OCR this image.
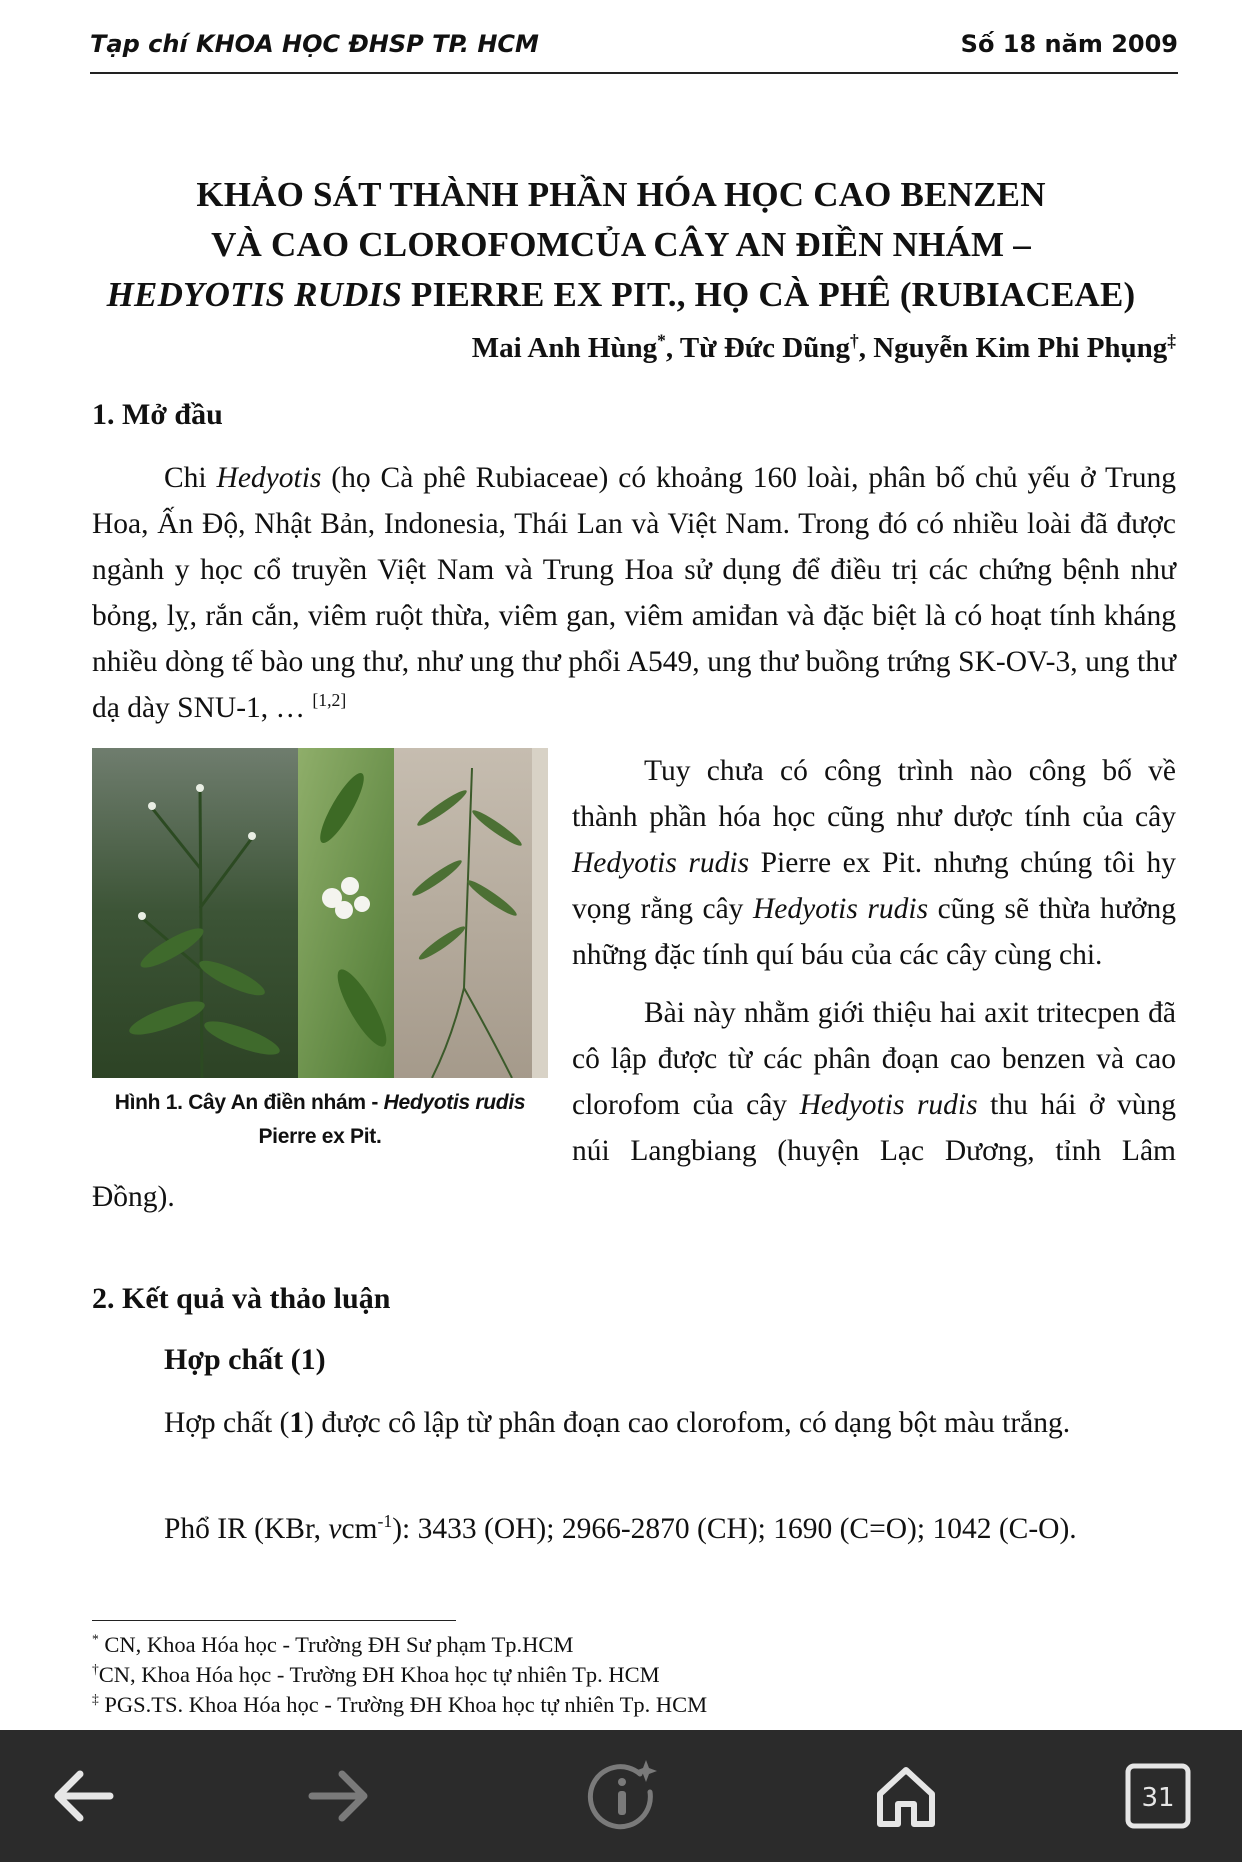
Tạp chí KHOA HỌC ĐHSP TP. HCM	Số 18 năm 2009
KHẢO SÁT THÀNH PHẦN HÓA HỌC CAO BENZEN
VÀ CAO CLOROFOMCỦA CÂY AN ĐIỀN NHÁM –
HEDYOTIS RUDIS PIERRE EX PIT., HỌ CÀ PHÊ (RUBIACEAE)
Mai Anh Hùng*, Từ Đức Dũng†, Nguyễn Kim Phi Phụng‡
1. Mở đầu

Chi Hedyotis (họ Cà phê Rubiaceae) có khoảng 160 loài, phân bố chủ yếu ở Trung Hoa, Ấn Độ, Nhật Bản, Indonesia, Thái Lan và Việt Nam. Trong đó có nhiều loài đã được ngành y học cổ truyền Việt Nam và Trung Hoa sử dụng để điều trị các chứng bệnh như bỏng, lỵ, rắn cắn, viêm ruột thừa, viêm gan, viêm amiđan và đặc biệt là có hoạt tính kháng nhiều dòng tế bào ung thư, như ung thư phổi A549, ung thư buồng trứng SK-OV-3, ung thư dạ dày SNU-1, … [1,2]

Hình 1. Cây An điền nhám - Hedyotis rudis
Pierre ex Pit.

Tuy chưa có công trình nào công bố về thành phần hóa học cũng như dược tính của cây Hedyotis rudis Pierre ex Pit. nhưng chúng tôi hy vọng rằng cây Hedyotis rudis cũng sẽ thừa hưởng những đặc tính quí báu của các cây cùng chi.

Bài này nhằm giới thiệu hai axit tritecpen đã cô lập được từ các phân đoạn cao benzen và cao clorofom của cây Hedyotis rudis thu hái ở vùng núi Langbiang (huyện Lạc Dương, tỉnh Lâm Đồng).

2. Kết quả và thảo luận
Hợp chất (1)

Hợp chất (1) được cô lập từ phân đoạn cao clorofom, có dạng bột màu trắng.

Phổ IR (KBr, νcm$^{-1}$): 3433 (OH); 2966-2870 (CH); 1690 (C=O); 1042 (C-O).

* CN, Khoa Hóa học - Trường ĐH Sư phạm Tp.HCM
†CN, Khoa Hóa học - Trường ĐH Khoa học tự nhiên Tp. HCM
‡ PGS.TS. Khoa Hóa học - Trường ĐH Khoa học tự nhiên Tp. HCM
31
